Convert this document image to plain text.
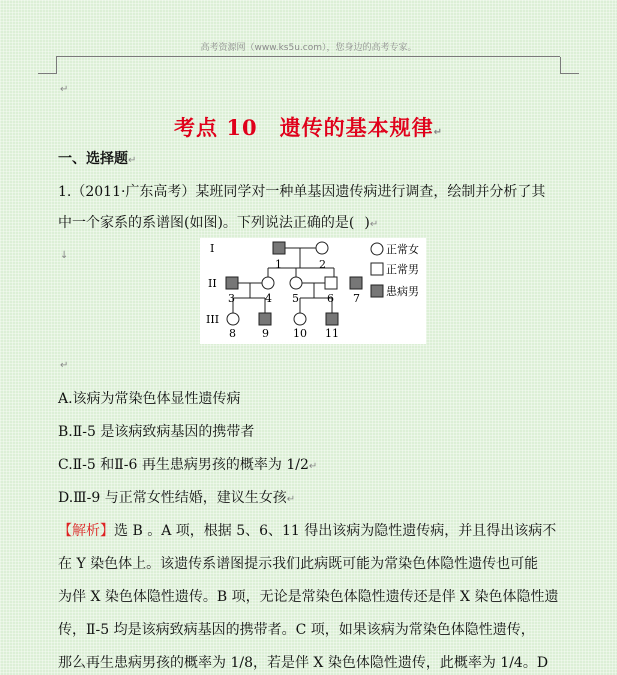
高考资源网（www.ks5u.com），您身边的高考专家。
↵
考点 10　遗传的基本规律↵
一、选择题↵
1.（2011·广东高考）某班同学对一种单基因遗传病进行调查，绘制并分析了其
中一个家系的系谱图(如图)。下列说法正确的是( )↵
↓
I
II
III
1	2
3	4 5	6 7
8 9 10 11
正常女
正常男
患病男
↵
A.该病为常染色体显性遗传病
B.Ⅱ-5 是该病致病基因的携带者
C.Ⅱ-5 和Ⅱ-6 再生患病男孩的概率为 1/2↵
D.Ⅲ-9 与正常女性结婚，建议生女孩↵
【解析】选 B 。A 项，根据 5、6、11 得出该病为隐性遗传病，并且得出该病不
在 Y 染色体上。该遗传系谱图提示我们此病既可能为常染色体隐性遗传也可能
为伴 X 染色体隐性遗传。B 项，无论是常染色体隐性遗传还是伴 X 染色体隐性遗
传，Ⅱ-5 均是该病致病基因的携带者。C 项，如果该病为常染色体隐性遗传，
那么再生患病男孩的概率为 1/8，若是伴 X 染色体隐性遗传，此概率为 1/4。D
